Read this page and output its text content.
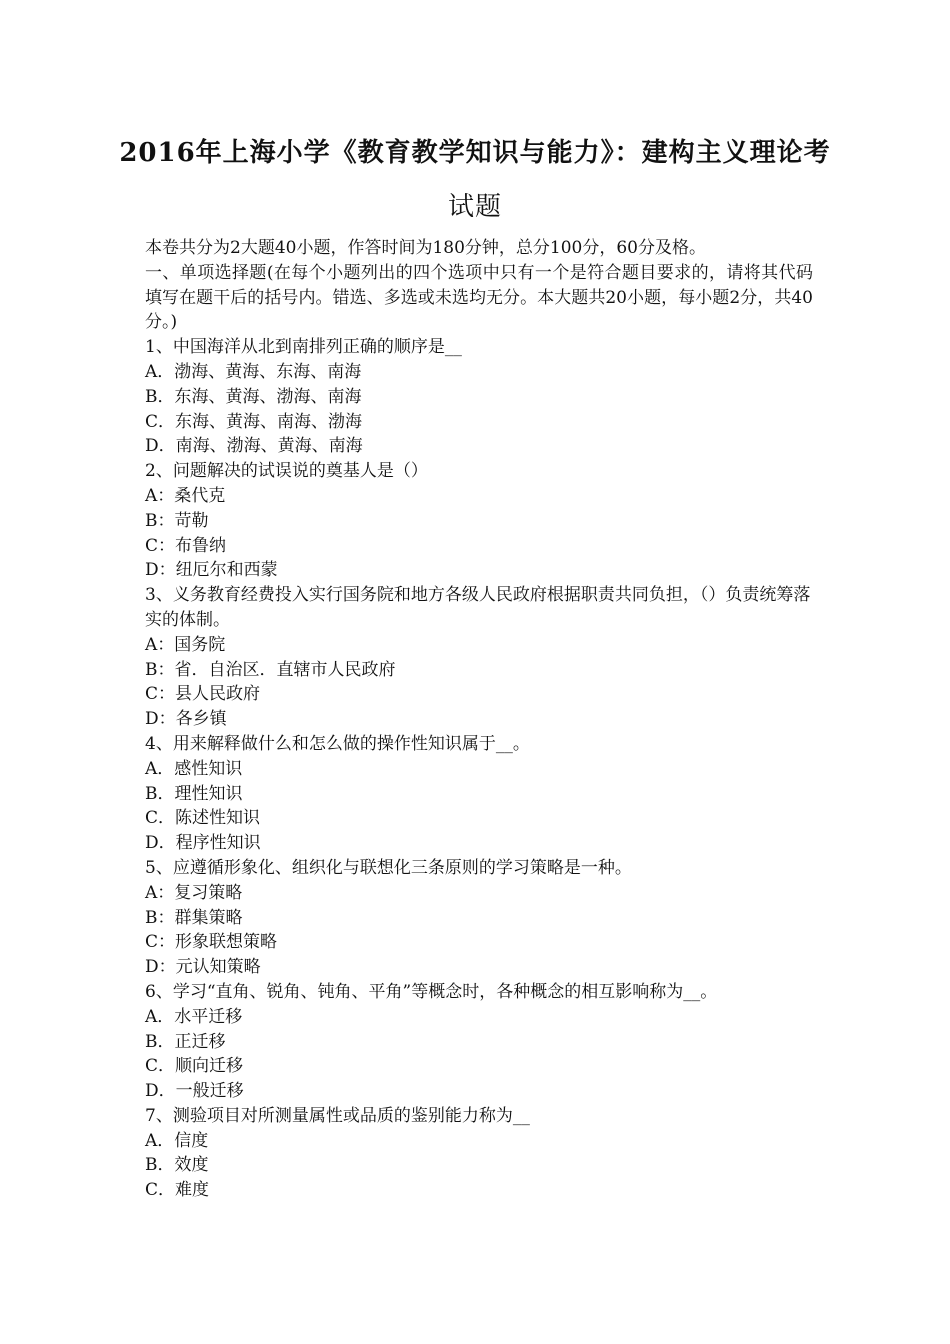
2016年上海小学《教育教学知识与能力》：建构主义理论考
试题
本卷共分为2大题40小题，作答时间为180分钟，总分100分，60分及格。
一、单项选择题(在每个小题列出的四个选项中只有一个是符合题目要求的，请将其代码填写在题干后的括号内。错选、多选或未选均无分。本大题共20小题，每小题2分，共40分。)
1、中国海洋从北到南排列正确的顺序是__
A．渤海、黄海、东海、南海
B．东海、黄海、渤海、南海
C．东海、黄海、南海、渤海
D．南海、渤海、黄海、南海
2、问题解决的试误说的奠基人是（）
A：桑代克
B：苛勒
C：布鲁纳
D：纽厄尔和西蒙
3、义务教育经费投入实行国务院和地方各级人民政府根据职责共同负担，（）负责统筹落实的体制。
A：国务院
B：省．自治区．直辖市人民政府
C：县人民政府
D：各乡镇
4、用来解释做什么和怎么做的操作性知识属于__。
A．感性知识
B．理性知识
C．陈述性知识
D．程序性知识
5、应遵循形象化、组织化与联想化三条原则的学习策略是一种。
A：复习策略
B：群集策略
C：形象联想策略
D：元认知策略
6、学习“直角、锐角、钝角、平角”等概念时，各种概念的相互影响称为__。
A．水平迁移
B．正迁移
C．顺向迁移
D．一般迁移
7、测验项目对所测量属性或品质的鉴别能力称为__
A．信度
B．效度
C．难度
